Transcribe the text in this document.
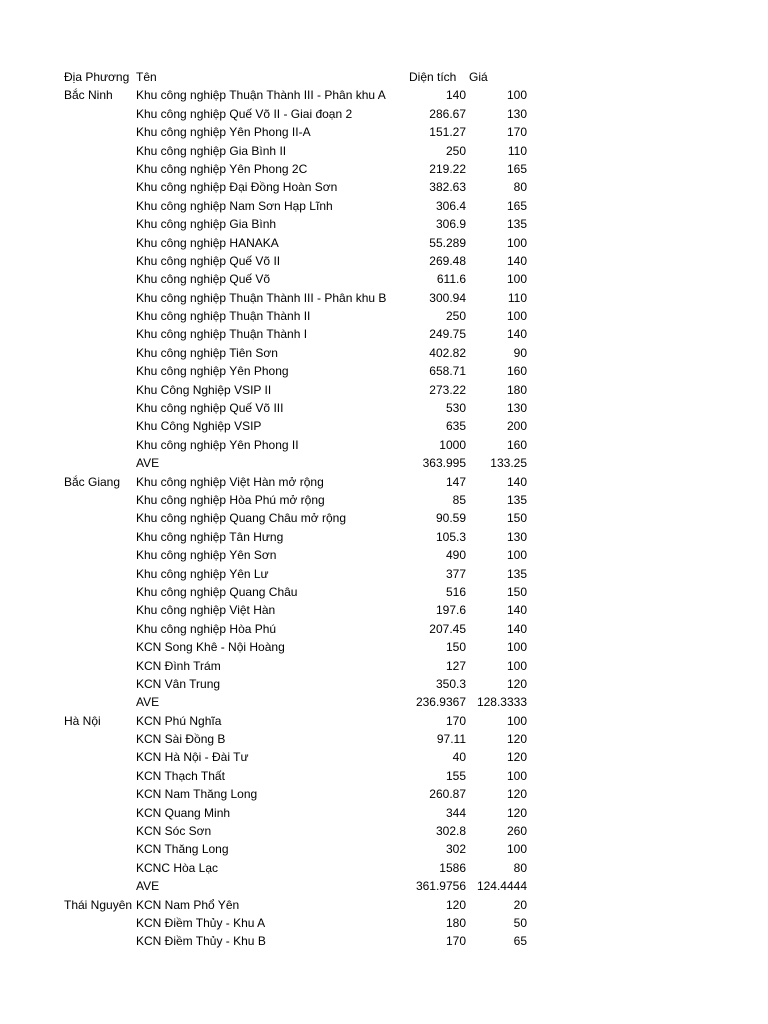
Địa Phương Tên	Diện tích	Giá
Bắc Ninh	Khu công nghiệp Thuận Thành III - Phân khu A	140	100
Khu công nghiệp Quế Võ II - Giai đoạn 2	286.67	130
Khu công nghiệp Yên Phong II-A	151.27	170
Khu công nghiệp Gia Bình II	250	110
Khu công nghiệp Yên Phong 2C	219.22	165
Khu công nghiệp Đại Đồng Hoàn Sơn	382.63	80
Khu công nghiệp Nam Sơn Hạp Lĩnh	306.4	165
Khu công nghiệp Gia Bình	306.9	135
Khu công nghiệp HANAKA	55.289	100
Khu công nghiệp Quế Võ II	269.48	140
Khu công nghiệp Quế Võ	611.6	100
Khu công nghiệp Thuận Thành III - Phân khu B	300.94	110
Khu công nghiệp Thuận Thành II	250	100
Khu công nghiệp Thuận Thành I	249.75	140
Khu công nghiệp Tiên Sơn	402.82	90
Khu công nghiệp Yên Phong	658.71	160
Khu Công Nghiệp VSIP II	273.22	180
Khu công nghiệp Quế Võ III	530	130
Khu Công Nghiệp VSIP	635	200
Khu công nghiệp Yên Phong II	1000	160
AVE	363.995	133.25
Bắc Giang	Khu công nghiệp Việt Hàn mở rộng	147	140
Khu công nghiệp Hòa Phú mở rộng	85	135
Khu công nghiệp Quang Châu mở rộng	90.59	150
Khu công nghiệp Tân Hưng	105.3	130
Khu công nghiệp Yên Sơn	490	100
Khu công nghiệp Yên Lư	377	135
Khu công nghiệp Quang Châu	516	150
Khu công nghiệp Việt Hàn	197.6	140
Khu công nghiệp Hòa Phú	207.45	140
KCN Song Khê - Nội Hoàng	150	100
KCN Đình Trám	127	100
KCN Vân Trung	350.3	120
AVE	236.9367 128.3333
Hà Nội	KCN Phú Nghĩa	170	100
KCN Sài Đồng B	97.11	120
KCN Hà Nội - Đài Tư	40	120
KCN Thạch Thất	155	100
KCN Nam Thăng Long	260.87	120
KCN Quang Minh	344	120
KCN Sóc Sơn	302.8	260
KCN Thăng Long	302	100
KCNC Hòa Lạc	1586	80
AVE	361.9756 124.4444
Thái Nguyên KCN Nam Phổ Yên	120	20
KCN Điềm Thủy - Khu A	180	50
KCN Điềm Thủy - Khu B	170	65
